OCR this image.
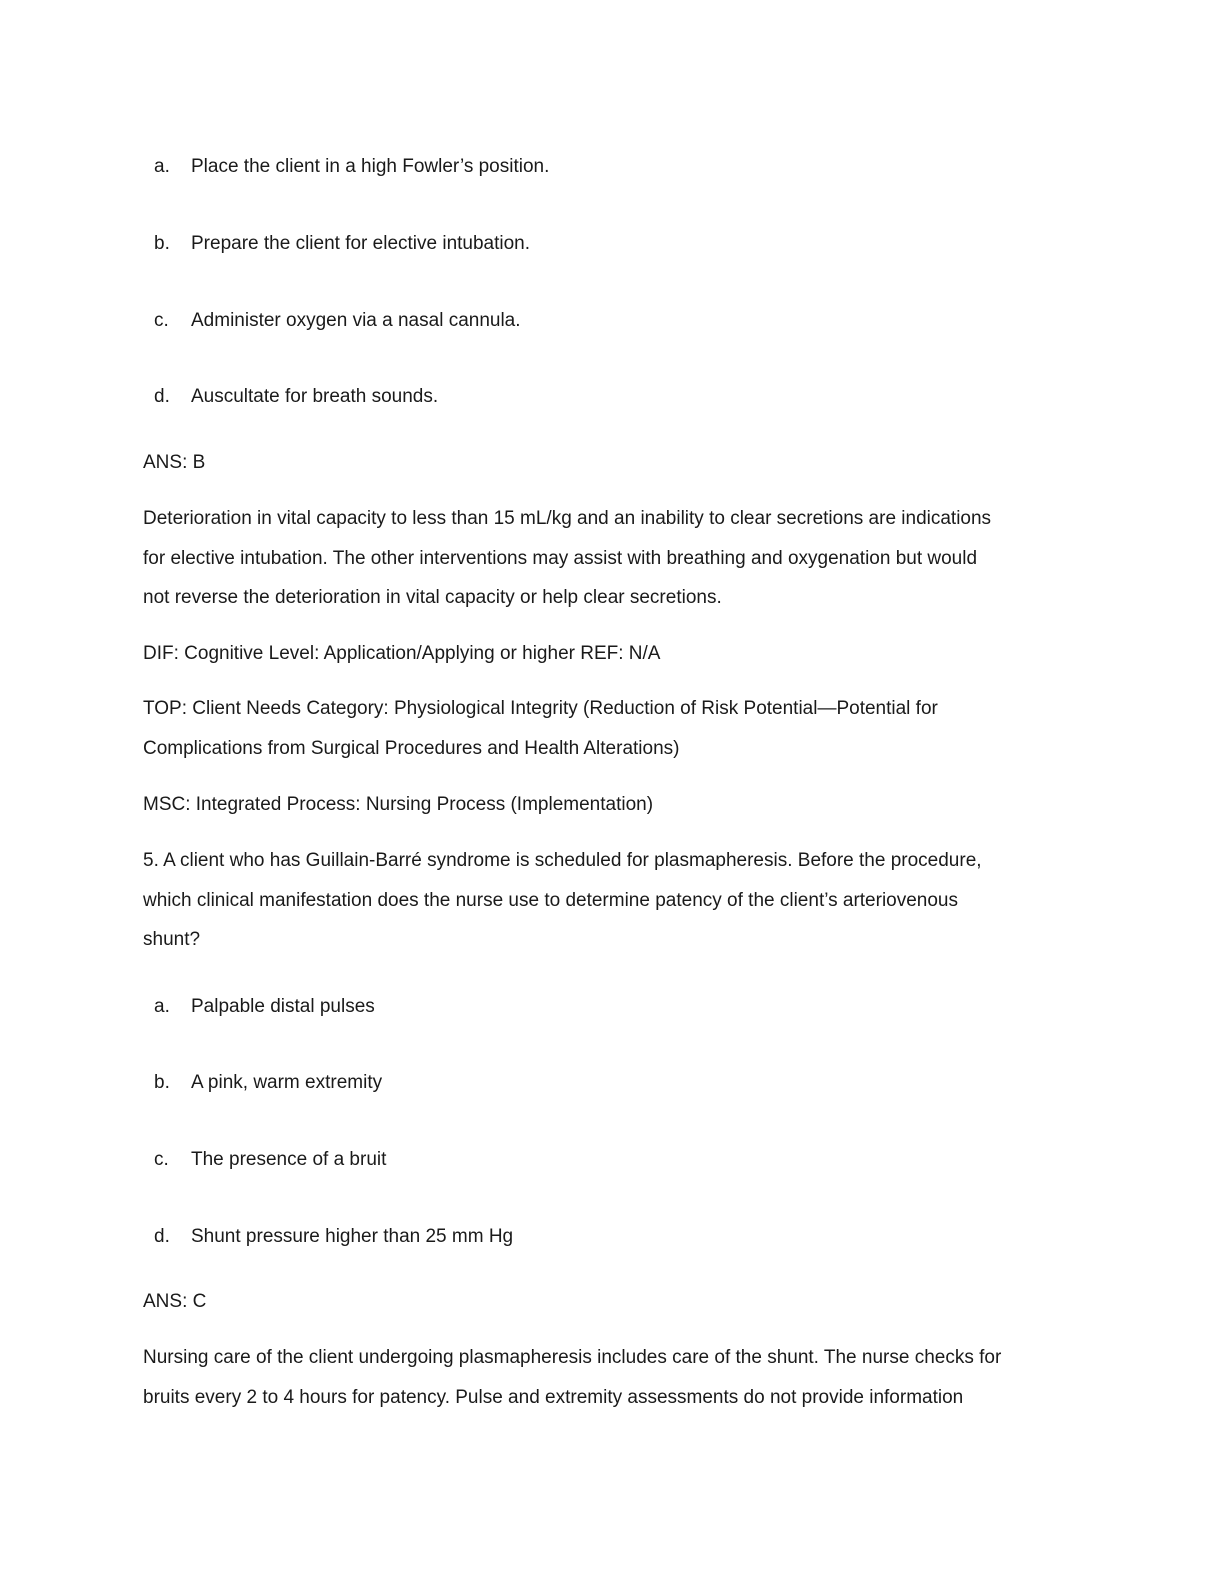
a. Place the client in a high Fowler’s position.
b. Prepare the client for elective intubation.
c. Administer oxygen via a nasal cannula.
d. Auscultate for breath sounds.

ANS: B

Deterioration in vital capacity to less than 15 mL/kg and an inability to clear secretions are indications

for elective intubation. The other interventions may assist with breathing and oxygenation but would

not reverse the deterioration in vital capacity or help clear secretions.

DIF: Cognitive Level: Application/Applying or higher REF: N/A

TOP: Client Needs Category: Physiological Integrity (Reduction of Risk Potential—Potential for

Complications from Surgical Procedures and Health Alterations)

MSC: Integrated Process: Nursing Process (Implementation)

5. A client who has Guillain-Barré syndrome is scheduled for plasmapheresis. Before the procedure,

which clinical manifestation does the nurse use to determine patency of the client’s arteriovenous

shunt?

a. Palpable distal pulses
b. A pink, warm extremity
c. The presence of a bruit
d. Shunt pressure higher than 25 mm Hg

ANS: C

Nursing care of the client undergoing plasmapheresis includes care of the shunt. The nurse checks for

bruits every 2 to 4 hours for patency. Pulse and extremity assessments do not provide information
